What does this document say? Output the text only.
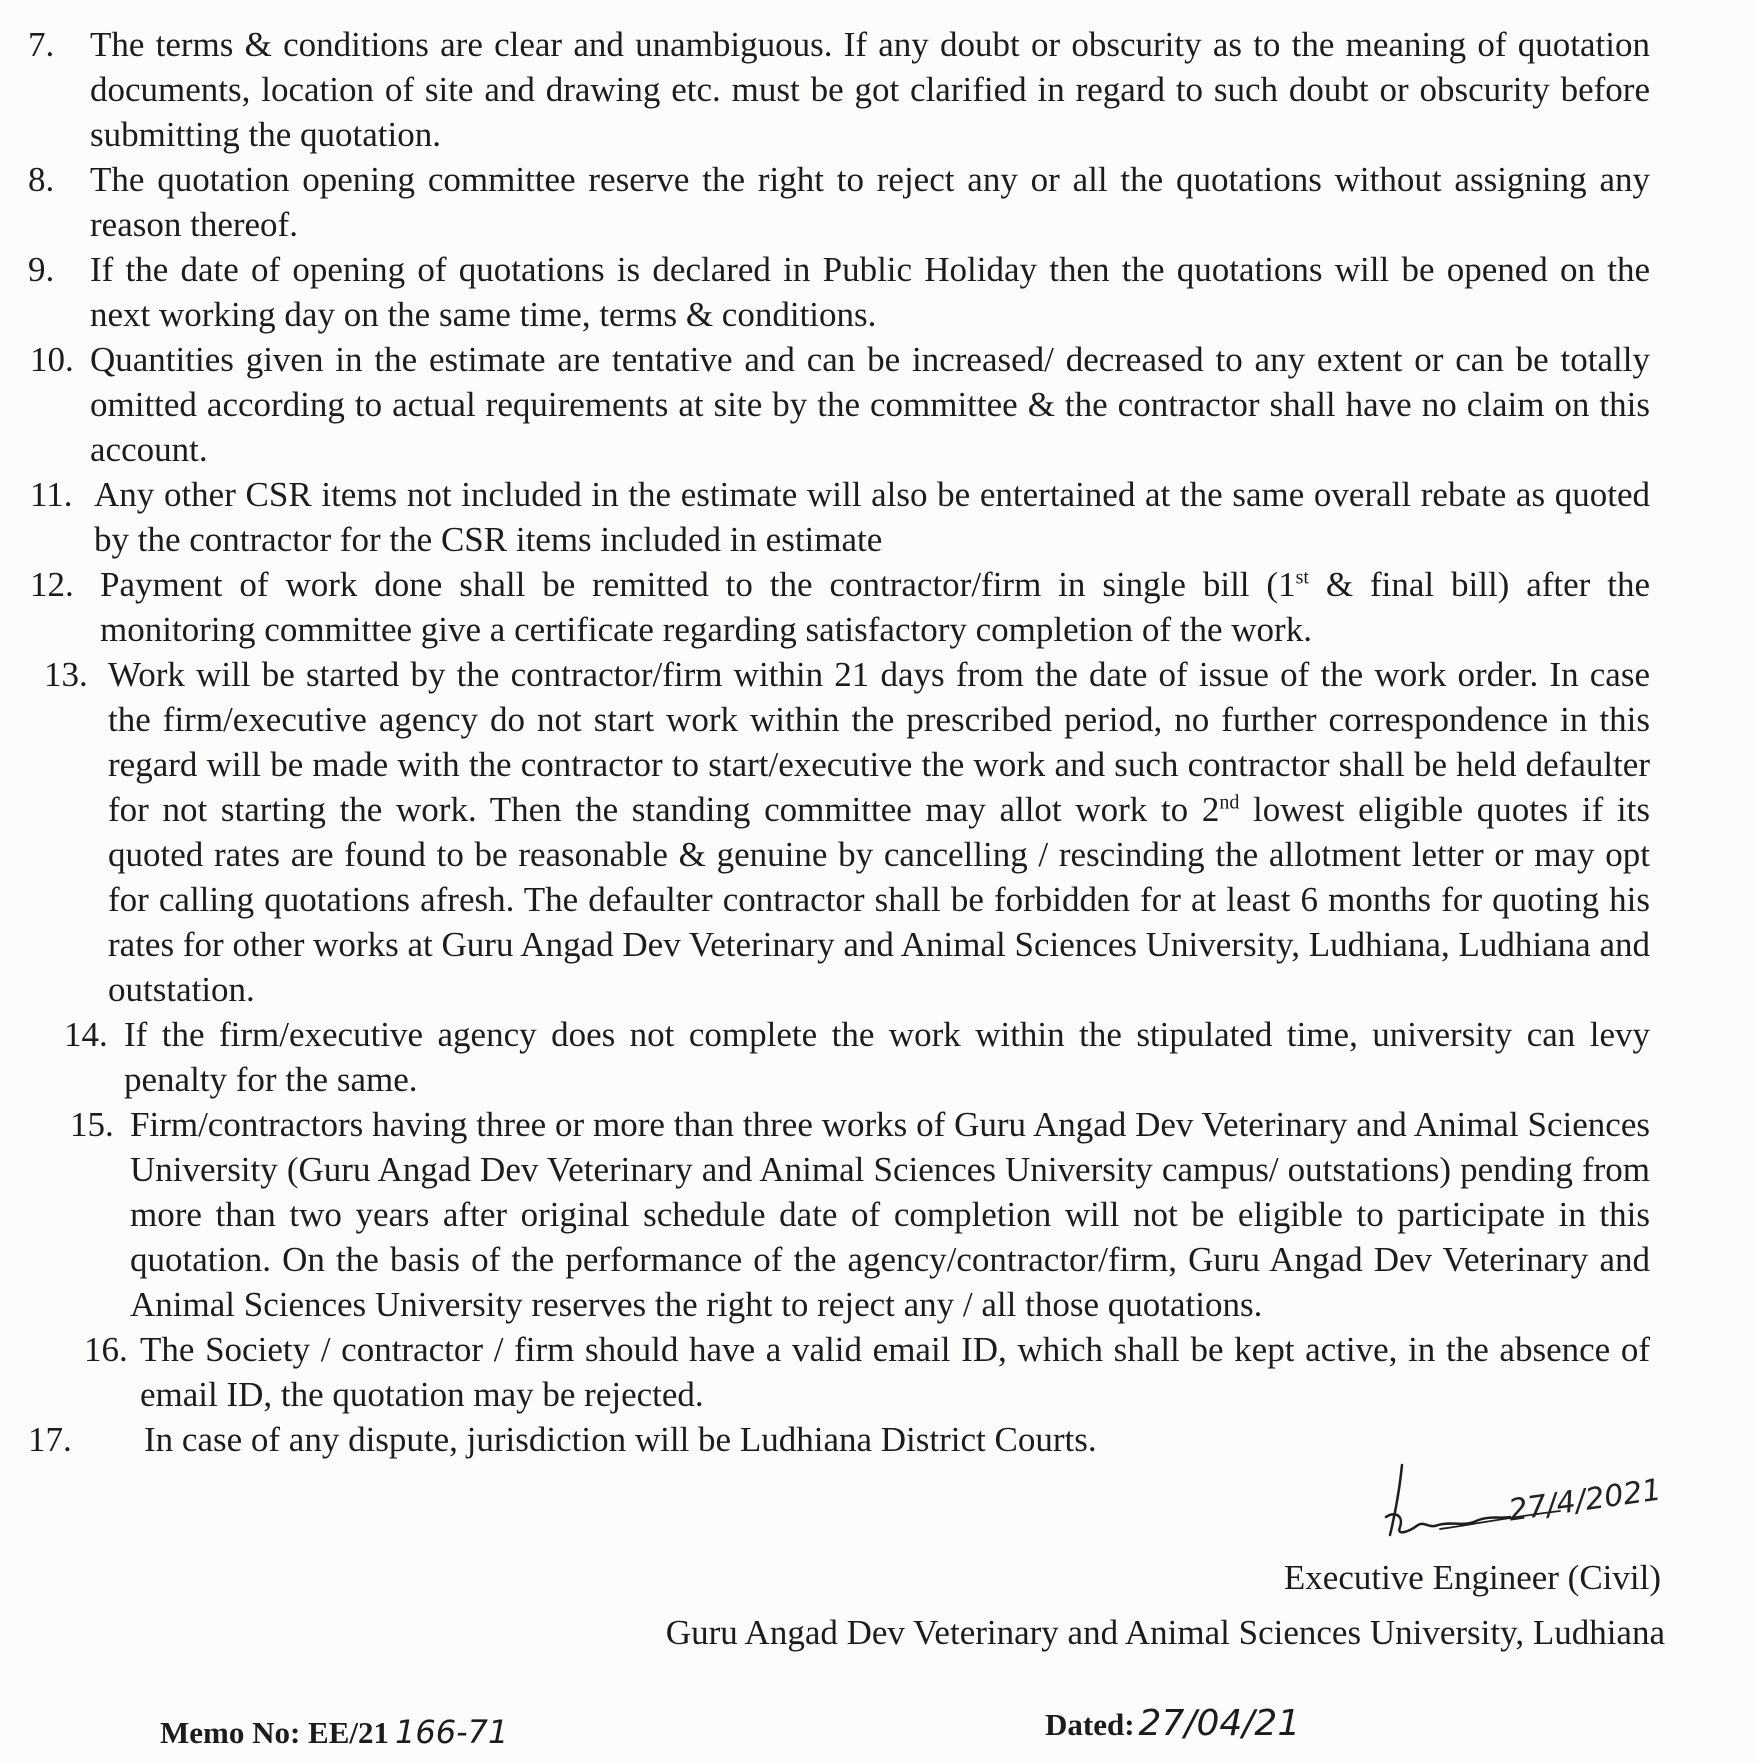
7.	The terms & conditions are clear and unambiguous. If any doubt or obscurity as to the meaning of quotation documents, location of site and drawing etc. must be got clarified in regard to such doubt or obscurity before submitting the quotation.
8.	The quotation opening committee reserve the right to reject any or all the quotations without assigning any reason thereof.
9.	If the date of opening of quotations is declared in Public Holiday then the quotations will be opened on the next working day on the same time, terms & conditions.
10. Quantities given in the estimate are tentative and can be increased/ decreased to any extent or can be totally omitted according to actual requirements at site by the committee & the contractor shall have no claim on this account.
11. Any other CSR items not included in the estimate will also be entertained at the same overall rebate as quoted by the contractor for the CSR items included in estimate
12. Payment of work done shall be remitted to the contractor/firm in single bill (1st & final bill) after the monitoring committee give a certificate regarding satisfactory completion of the work.
13. Work will be started by the contractor/firm within 21 days from the date of issue of the work order. In case the firm/executive agency do not start work within the prescribed period, no further correspondence in this regard will be made with the contractor to start/executive the work and such contractor shall be held defaulter for not starting the work. Then the standing committee may allot work to 2nd lowest eligible quotes if its quoted rates are found to be reasonable & genuine by cancelling / rescinding the allotment letter or may opt for calling quotations afresh. The defaulter contractor shall be forbidden for at least 6 months for quoting his rates for other works at Guru Angad Dev Veterinary and Animal Sciences University, Ludhiana, Ludhiana and outstation.
14. If the firm/executive agency does not complete the work within the stipulated time, university can levy penalty for the same.
15. Firm/contractors having three or more than three works of Guru Angad Dev Veterinary and Animal Sciences University (Guru Angad Dev Veterinary and Animal Sciences University campus/ outstations) pending from more than two years after original schedule date of completion will not be eligible to participate in this quotation. On the basis of the performance of the agency/contractor/firm, Guru Angad Dev Veterinary and Animal Sciences University reserves the right to reject any / all those quotations.
16. The Society / contractor / firm should have a valid email ID, which shall be kept active, in the absence of email ID, the quotation may be rejected.
17.	In case of any dispute, jurisdiction will be Ludhiana District Courts.
27/4/2021
Executive Engineer (Civil)
Guru Angad Dev Veterinary and Animal Sciences University, Ludhiana
Memo No: EE/21 166-71	Dated: 27/04/21
